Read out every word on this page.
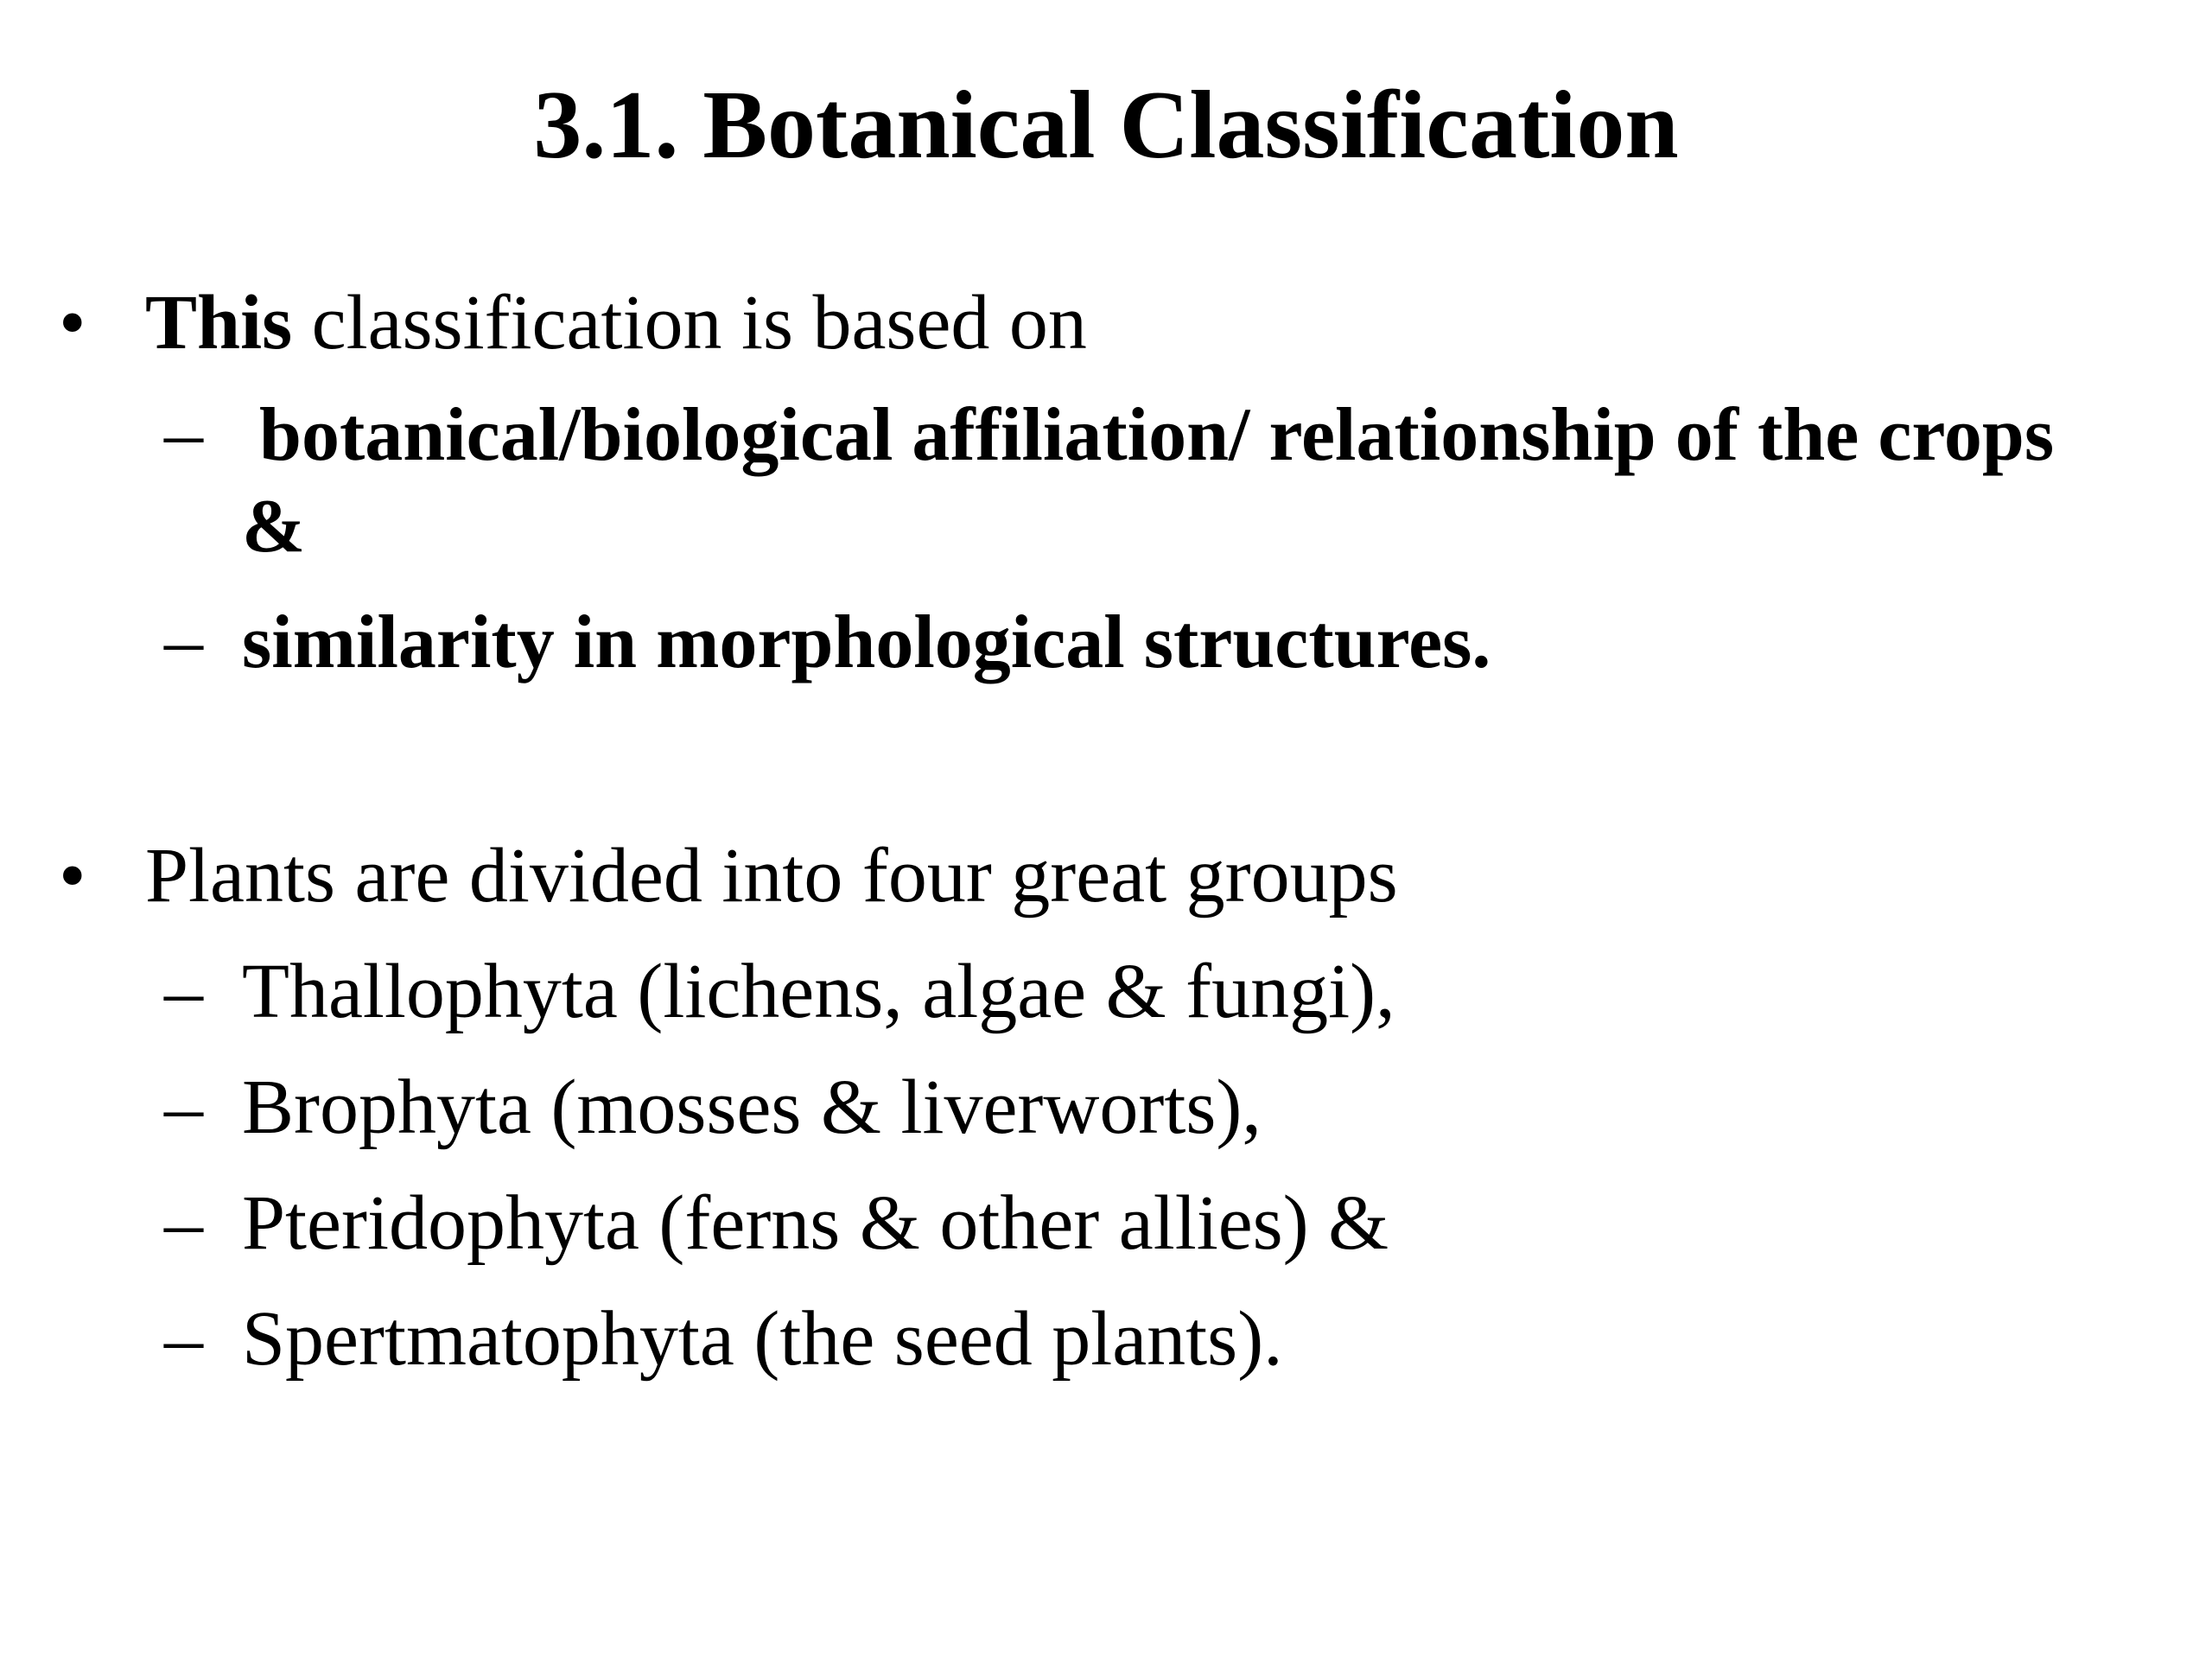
3.1. Botanical Classification
• This classification is based on
– botanical/biological affiliation/ relationship of the crops
&
– similarity in morphological structures.
• Plants are divided into four great groups
– Thallophyta (lichens, algae & fungi),
– Brophyta (mosses & liverworts),
– Pteridophyta (ferns & other allies) &
– Spertmatophyta (the seed plants).
